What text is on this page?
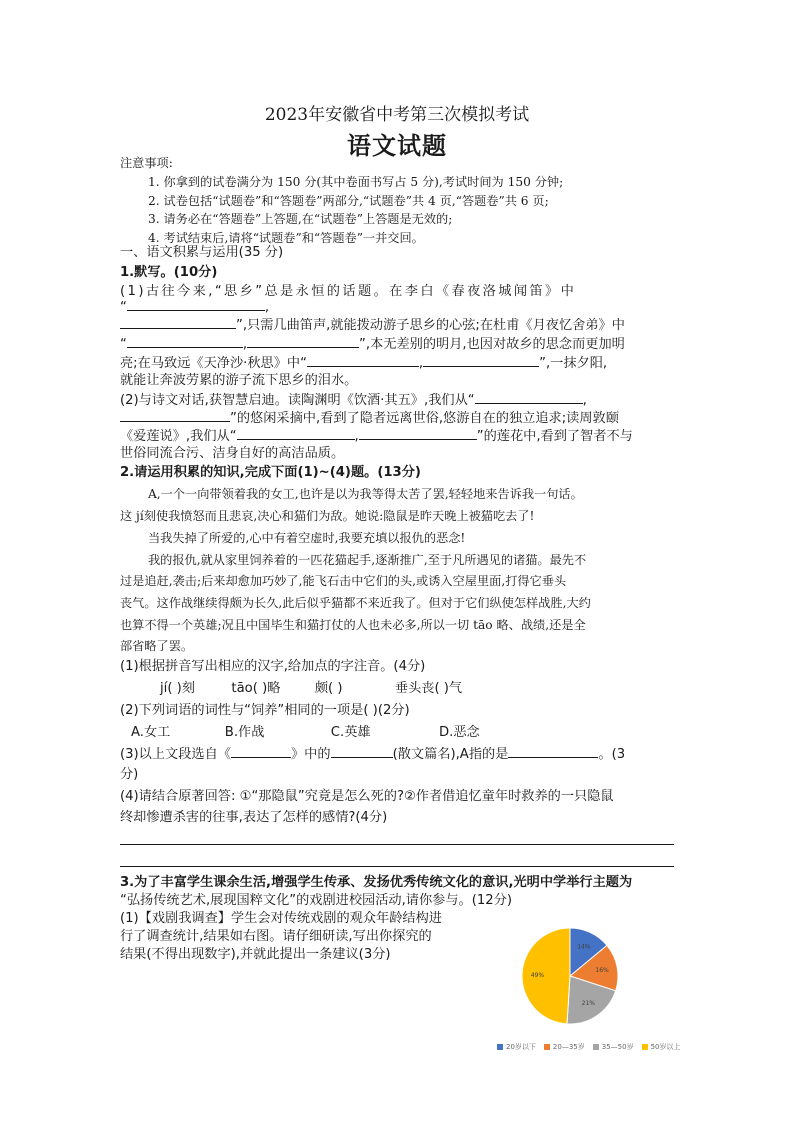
2023年安徽省中考第三次模拟考试
语文试题
注意事项:
1. 你拿到的试卷满分为 150 分(其中卷面书写占 5 分),考试时间为 150 分钟;
2. 试卷包括“试题卷”和“答题卷”两部分,“试题卷”共 4 页,“答题卷”共 6 页;
3. 请务必在“答题卷”上答题,在“试题卷”上答题是无效的;
4. 考试结束后,请将“试题卷”和“答题卷”一并交回。
一、语文积累与运用(35 分)
1.默写。(10分)
(1)古往今来,“思乡”总是永恒的话题。在李白《春夜洛城闻笛》中
“	,
”,只需几曲笛声,就能拨动游子思乡的心弦;在杜甫《月夜忆舍弟》中
“	,	”,本无差别的明月,也因对故乡的思念而更加明
亮;在马致远《天净沙·秋思》中“	,	”,一抹夕阳,
就能让奔波劳累的游子流下思乡的泪水。
(2)与诗文对话,获智慧启迪。读陶渊明《饮酒·其五》,我们从“	,
”的悠闲采摘中,看到了隐者远离世俗,悠游自在的独立追求;读周敦颐
《爱莲说》,我们从“	,	”的莲花中,看到了智者不与
世俗同流合污、洁身自好的高洁品质。
2.请运用积累的知识,完成下面(1)~(4)题。(13分)
A,一个一向带领着我的女工,也许是以为我等得太苦了罢,轻轻地来告诉我一句话。
这 jí刻使我愤怒而且悲哀,决心和猫们为敌。她说:隐鼠是昨天晚上被猫吃去了!
当我失掉了所爱的,心中有着空虚时,我要充填以报仇的恶念!
我的报仇,就从家里饲养着的一匹花猫起手,逐渐推广,至于凡所遇见的诸猫。最先不
过是追赶,袭击;后来却愈加巧妙了,能飞石击中它们的头,或诱入空屋里面,打得它垂头
丧气。这作战继续得颇为长久,此后似乎猫都不来近我了。但对于它们纵使怎样战胜,大约
也算不得一个英雄;况且中国毕生和猫打仗的人也未必多,所以一切 tāo 略、战绩,还是全
部省略了罢。
(1)根据拼音写出相应的汉字,给加点的字注音。(4分)
jí( )刻	tāo( )略	颇( )	垂头丧( )气
(2)下列词语的词性与“饲养”相同的一项是( )(2分)
A.女工	B.作战	C.英雄	D.恶念
(3)以上文段选自《	》中的	(散文篇名),A指的是	。(3
分)
(4)请结合原著回答: ①“那隐鼠”究竟是怎么死的?②作者借追忆童年时救养的一只隐鼠
终却惨遭杀害的往事,表达了怎样的感情?(4分)
3.为了丰富学生课余生活,增强学生传承、发扬优秀传统文化的意识,光明中学举行主题为
“弘扬传统艺术,展现国粹文化”的戏剧进校园活动,请你参与。(12分)
(1)【戏剧我调查】学生会对传统戏剧的观众年龄结构进
行了调查统计,结果如右图。请仔细研读,写出你探究的
结果(不得出现数字),并就此提出一条建议(3分)
14%
16%
21%
49%
20岁以下 20—35岁 35—50岁 50岁以上
